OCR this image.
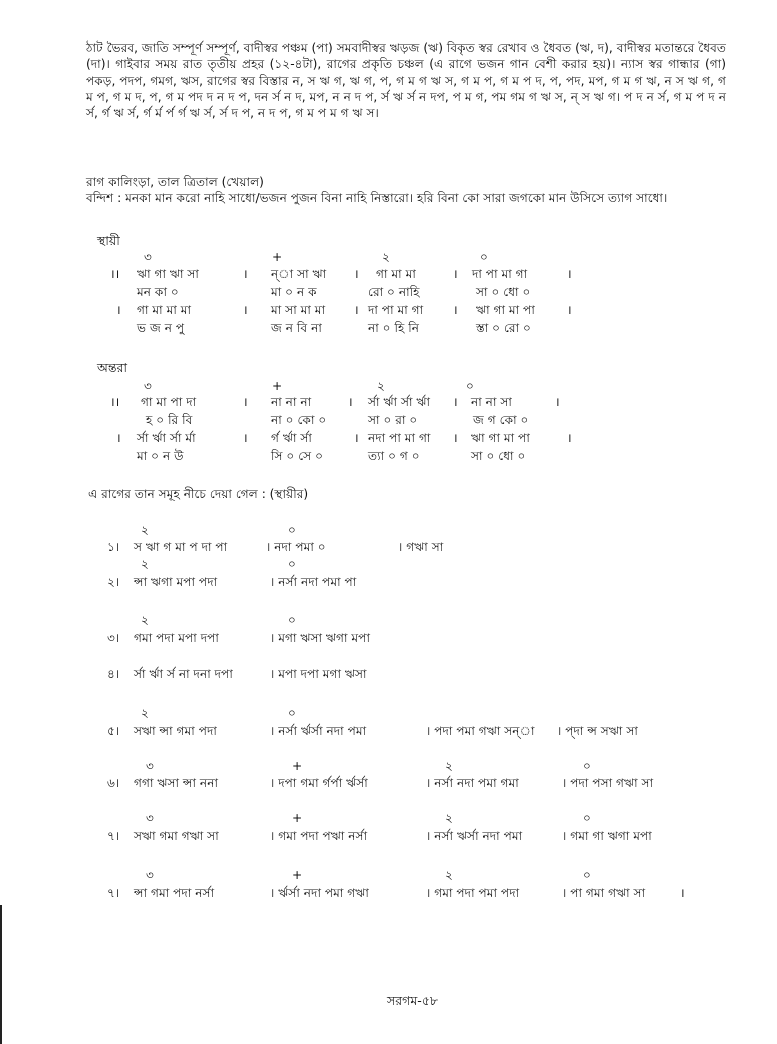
ঠাট ভৈরব, জাতি সম্পূর্ণ সম্পূর্ণ, বাদীস্বর পঞ্চম (পা) সমবাদীস্বর ঋড়জ (ঋ) বিকৃত স্বর রেখাব ও ধৈবত (ঋ, দ), বাদীস্বর মতান্তরে ধৈবত (দা)। গাইবার সময় রাত তৃতীয় প্রহর (১২-৪টা), রাগের প্রকৃতি চঞ্চল (এ রাগে ভজন গান বেশী করার হয়)। ন্যাস স্বর গান্ধার (গা) পকড়, পদপ, গমগ, ঋস, রাগের স্বর বিস্তার ন, স ঋ গ, ঋ গ, প, গ ম গ ঋ স, গ ম প, গ ম প দ, প, পদ, মপ, গ ম গ ঋ, ন স ঋ গ, গ ম প, গ ম দ, প, গ ম পদ দ ন দ প, দন র্স ন দ, মপ, ন ন দ প, র্স ঋ র্স ন দপ, প ম গ, পম গম গ ঋ স, ন্ স ঋ গ। প দ ন র্স, গ ম প দ ন র্স, র্গ ঋ র্স, র্গ র্ম র্প র্গ ঋ র্স, র্স দ প, ন দ প, গ ম প ম গ ঋ স।
রাগ কালিংড়া, তাল ত্রিতাল (খেয়াল)
বন্দিশ : মনকা মান করো নাহি সাধো/ভজন পুজন বিনা নাহি নিস্তারো। হরি বিনা কো সারা জগকো মান উসিসে ত্যাগ সাধো।
স্থায়ী
৩	+	২	০
।। ঋা গা ঋা সা	। ন্া সা ঋা । গা মা মা	। দা পা মা গা	।
মন কা ০	মা ০ ন ক	রো ০ নাহি	সা ০ ধো ০
। গা মা মা মা	। মা সা মা মা । দা পা মা গা । ঋা গা মা পা	।
ভ জ ন পু	জ ন বি না	না ০ হি নি	স্তা ০ রো ০
অন্তরা
৩	+	২	০
।। গা মা পা দা	। না না না	। র্সা র্ঋা র্সা র্ঋা । না না সা	।
হ ০ রি বি	না ০ কো ০	সা ০ রা ০	জ গ কো ০
। র্সা র্ঋা র্সা র্মা	। র্গ র্ঋা র্সা	। নদা পা মা গা । ঋা গা মা পা	।
মা ০ ন উ	সি ০ সে ০	ত্যা ০ গ ০	সা ০ ধো ০
এ রাগের তান সমূহ নীচে দেয়া গেল : (স্থায়ীর)
২	০
১। স ঋা গ মা প দা পা	। নদা পমা ০	। গঋা সা
২	০
২। ন্সা ঋগা মপা পদা	। নর্সা নদা পমা পা
২	০
৩। গমা পদা মপা দপা	। মগা ঋসা ঋগা মপা
৪। র্সা র্ঋা র্স না দনা দপা	। মপা দপা মগা ঋসা
২	০
৫। সঋা ন্সা গমা পদা	। নর্সা র্ঋর্সা নদা পমা	। পদা পমা গঋা সন্া । প্দা ন্স সঋা সা
৩	+	২	০
৬। গগা ঋসা ন্সা ননা	। দপা গমা র্গর্পা র্ঋর্সা	। নর্সা নদা পমা গমা	। পদা পসা গঋা সা
৩	+	২	০
৭। সঋা গমা গঋা সা	। গমা পদা পঋা নর্সা	। নর্সা ঋর্সা নদা পমা	। গমা গা ঋগা মপা
৩	+	২	০
৭। ন্সা গমা পদা নর্সা	। র্ঋর্সা নদা পমা গঋা	। গমা পদা পমা পদা	। পা গমা গঋা সা	।
সরগম-৫৮
